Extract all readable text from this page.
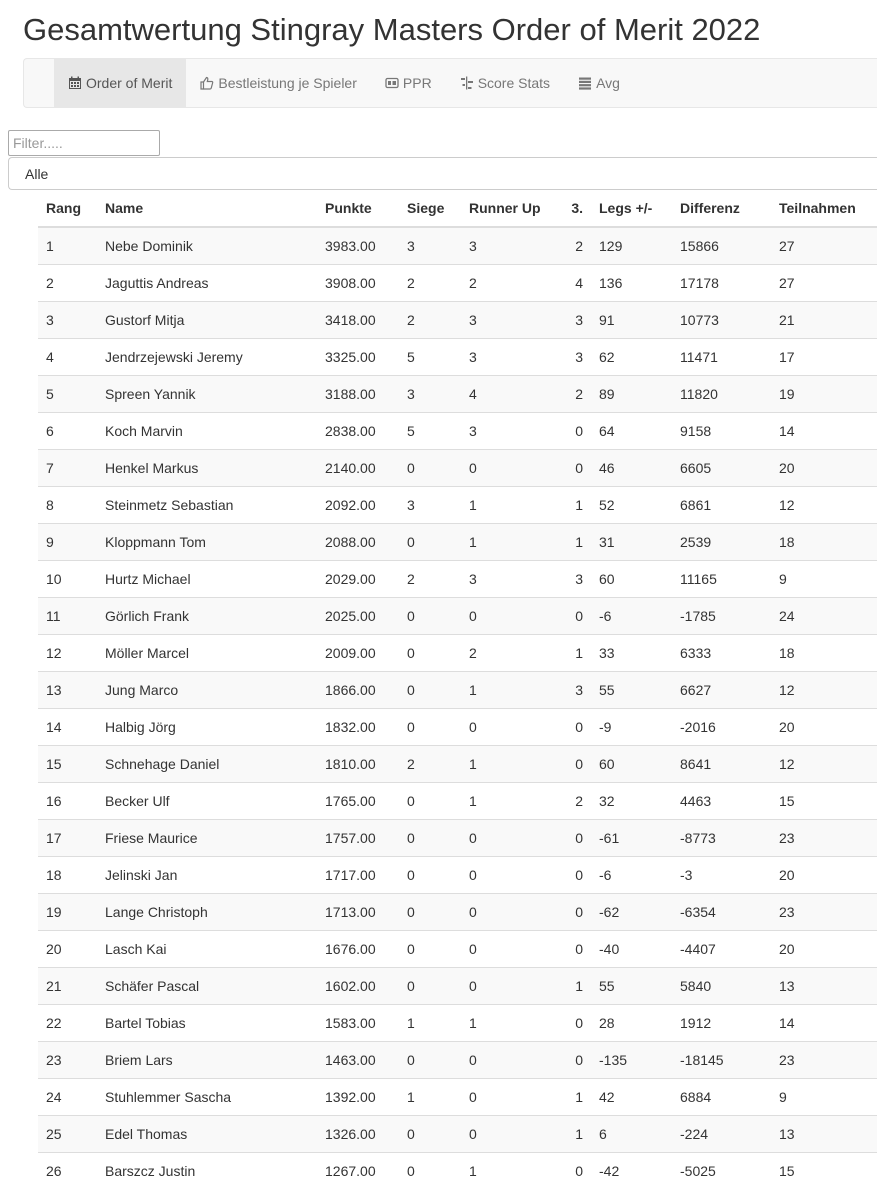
Gesamtwertung Stingray Masters Order of Merit 2022
Order of Merit	Bestleistung je Spieler	PPR	Score Stats	Avg
Filter.....
Alle
Rang	Name	Punkte	Siege	Runner Up	3.	Legs +/-	Differenz	Teilnahmen
1	Nebe Dominik	3983.00	3	3	2	129	15866	27
2	Jaguttis Andreas	3908.00	2	2	4	136	17178	27
3	Gustorf Mitja	3418.00	2	3	3	91	10773	21
4	Jendrzejewski Jeremy	3325.00	5	3	3	62	11471	17
5	Spreen Yannik	3188.00	3	4	2	89	11820	19
6	Koch Marvin	2838.00	5	3	0	64	9158	14
7	Henkel Markus	2140.00	0	0	0	46	6605	20
8	Steinmetz Sebastian	2092.00	3	1	1	52	6861	12
9	Kloppmann Tom	2088.00	0	1	1	31	2539	18
10	Hurtz Michael	2029.00	2	3	3	60	11165	9
11	Görlich Frank	2025.00	0	0	0	-6	-1785	24
12	Möller Marcel	2009.00	0	2	1	33	6333	18
13	Jung Marco	1866.00	0	1	3	55	6627	12
14	Halbig Jörg	1832.00	0	0	0	-9	-2016	20
15	Schnehage Daniel	1810.00	2	1	0	60	8641	12
16	Becker Ulf	1765.00	0	1	2	32	4463	15
17	Friese Maurice	1757.00	0	0	0	-61	-8773	23
18	Jelinski Jan	1717.00	0	0	0	-6	-3	20
19	Lange Christoph	1713.00	0	0	0	-62	-6354	23
20	Lasch Kai	1676.00	0	0	0	-40	-4407	20
21	Schäfer Pascal	1602.00	0	0	1	55	5840	13
22	Bartel Tobias	1583.00	1	1	0	28	1912	14
23	Briem Lars	1463.00	0	0	0	-135	-18145	23
24	Stuhlemmer Sascha	1392.00	1	0	1	42	6884	9
25	Edel Thomas	1326.00	0	0	1	6	-224	13
26	Barszcz Justin	1267.00	0	1	0	-42	-5025	15
